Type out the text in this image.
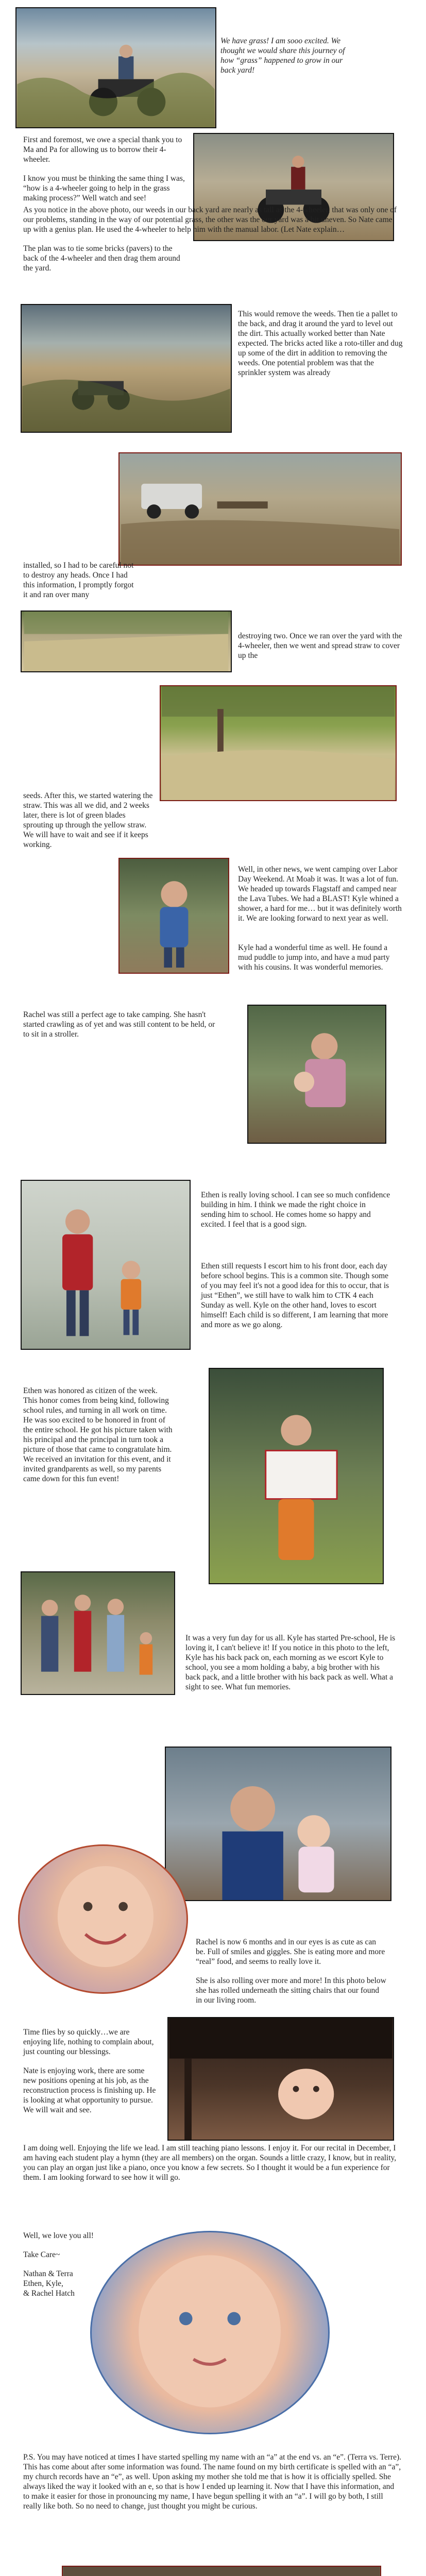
We have grass! I am sooo excited. We thought we would share this journey of how “grass” happened to grow in our back yard!

First and foremost, we owe a special thank you to Ma and Pa for allowing us to borrow their 4-wheeler.

I know you must be thinking the same thing I was, “how is a 4-wheeler going to help in the grass making process?” Well watch and see!

As you notice in the above photo, our weeds in our back yard are nearly as tall as the 4-wheeler, that was only one of our problems, standing in the way of our potential grass, the other was the our yard was a bit uneven. So Nate came up with a genius plan. He used the 4-wheeler to help him with the manual labor. (Let Nate explain…

The plan was to tie some bricks (pavers) to the back of the 4-wheeler and then drag them around the yard.

This would remove the weeds. Then tie a pallet to the back, and drag it around the yard to level out the dirt. This actually worked better than Nate expected. The bricks acted like a roto-tiller and dug up some of the dirt in addition to removing the weeds. One potential problem was that the sprinkler system was already
installed, so I had to be careful not to destroy any heads. Once I had this information, I promptly forgot it and ran over many
destroying two. Once we ran over the yard with the 4-wheeler, then we went and spread straw to cover up the
seeds. After this, we started watering the straw. This was all we did, and 2 weeks later, there is lot of green blades sprouting up through the yellow straw. We will have to wait and see if it keeps working.
Well, in other news, we went camping over Labor Day Weekend. At Moab it was. It was a lot of fun. We headed up towards Flagstaff and camped near the Lava Tubes. We had a BLAST! Kyle whined a shower, a hard for me… but it was definitely worth it. We are looking forward to next year as well.
Kyle had a wonderful time as well. He found a mud puddle to jump into, and have a mud party with his cousins. It was wonderful memories.
Rachel was still a perfect age to take camping. She hasn't started crawling as of yet and was still content to be held, or to sit in a stroller.
Ethen is really loving school. I can see so much confidence building in him. I think we made the right choice in sending him to school. He comes home so happy and excited. I feel that is a good sign.
Ethen still requests I escort him to his front door, each day before school begins. This is a common site. Though some of you may feel it's not a good idea for this to occur, that is just “Ethen”, we still have to walk him to CTK 4 each Sunday as well. Kyle on the other hand, loves to escort himself! Each child is so different, I am learning that more and more as we go along.
Ethen was honored as citizen of the week. This honor comes from being kind, following school rules, and turning in all work on time. He was soo excited to be honored in front of the entire school. He got his picture taken with his principal and the principal in turn took a picture of those that came to congratulate him. We received an invitation for this event, and it invited grandparents as well, so my parents came down for this fun event!
It was a very fun day for us all. Kyle has started Pre-school, He is loving it, I can't believe it! If you notice in this photo to the left, Kyle has his back pack on, each morning as we escort Kyle to school, you see a mom holding a baby, a big brother with his back pack, and a little brother with his back pack as well. What a sight to see. What fun memories.

Rachel is now 6 months and in our eyes is as cute as can be. Full of smiles and giggles. She is eating more and more “real” food, and seems to really love it.

She is also rolling over more and more! In this photo below she has rolled underneath the sitting chairs that our found in our living room.

Time flies by so quickly…we are enjoying life, nothing to complain about, just counting our blessings.

Nate is enjoying work, there are some new positions opening at his job, as the reconstruction process is finishing up. He is looking at what opportunity to pursue. We will wait and see.

I am doing well. Enjoying the life we lead. I am still teaching piano lessons. I enjoy it. For our recital in December, I am having each student play a hymn (they are all members) on the organ. Sounds a little crazy, I know, but in reality, you can play an organ just like a piano, once you know a few secrets. So I thought it would be a fun experience for them. I am looking forward to see how it will go.

Well, we love you all!

Take Care~

Nathan & Terra
Ethen, Kyle,
& Rachel Hatch
P.S. You may have noticed at times I have started spelling my name with an “a” at the end vs. an “e”. (Terra vs. Terre). This has come about after some information was found. The name found on my birth certificate is spelled with an “a”, my church records have an “e”, as well. Upon asking my mother she told me that is how it is officially spelled. She always liked the way it looked with an e, so that is how I ended up learning it. Now that I have this information, and to make it easier for those in pronouncing my name, I have begun spelling it with an “a”. I will go by both, I still really like both. So no need to change, just thought you might be curious.
